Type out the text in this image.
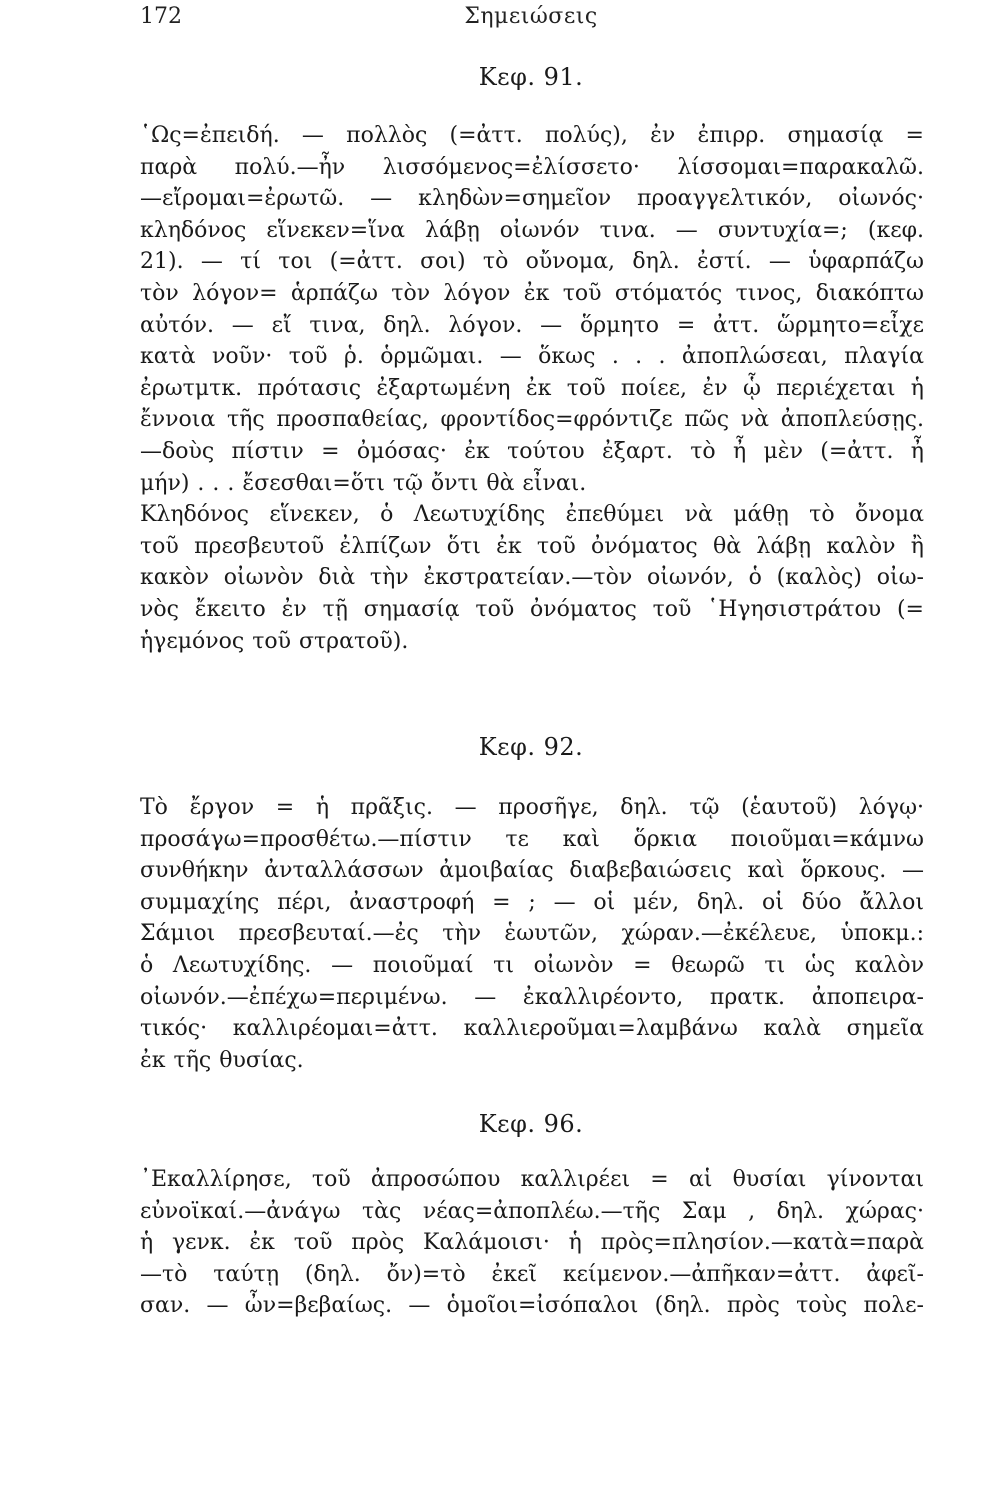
172	Σημειώσεις
Κεφ. 91.
῾Ως=ἐπειδή. — πολλὸς (=ἀττ. πολύς), ἐν ἐπιρρ. σημασίᾳ =
παρὰ πολύ.—ἦν λισσόμενος=ἐλίσσετο· λίσσομαι=παρακαλῶ.
—εἴρομαι=ἐρωτῶ. — κληδὼν=σημεῖον προαγγελτικόν, οἰωνός·
κληδόνος εἵνεκεν=ἵνα λάβῃ οἰωνόν τινα. — συντυχία=; (κεφ.
21). — τί τοι (=ἀττ. σοι) τὸ οὔνομα, δηλ. ἐστί. — ὑφαρπάζω
τὸν λόγον= ἁρπάζω τὸν λόγον ἐκ τοῦ στόματός τινος, διακόπτω
αὐτόν. — εἴ τινα, δηλ. λόγον. — ὅρμητο = ἀττ. ὥρμητο=εἶχε
κατὰ νοῦν· τοῦ ῥ. ὁρμῶμαι. — ὅκως . . . ἀποπλώσεαι, πλαγία
ἐρωτμτκ. πρότασις ἐξαρτωμένη ἐκ τοῦ ποίεε, ἐν ᾧ περιέχεται ἡ
ἔννοια τῆς προσπαθείας, φροντίδος=φρόντιζε πῶς νὰ ἀποπλεύσῃς.
—δοὺς πίστιν = ὀμόσας· ἐκ τούτου ἐξαρτ. τὸ ἦ μὲν (=ἀττ. ἦ
μήν) . . . ἔσεσθαι=ὅτι τῷ ὄντι θὰ εἶναι.
Κληδόνος εἵνεκεν, ὁ Λεωτυχίδης ἐπεθύμει νὰ μάθῃ τὸ ὄνομα
τοῦ πρεσβευτοῦ ἐλπίζων ὅτι ἐκ τοῦ ὀνόματος θὰ λάβῃ καλὸν ἢ
κακὸν οἰωνὸν διὰ τὴν ἐκστρατείαν.—τὸν οἰωνόν, ὁ (καλὸς) οἰω-
νὸς ἔκειτο ἐν τῇ σημασίᾳ τοῦ ὀνόματος τοῦ ῾Ηγησιστράτου (=
ἡγεμόνος τοῦ στρατοῦ).
Κεφ. 92.
Τὸ ἔργον = ἡ πρᾶξις. — προσῆγε, δηλ. τῷ (ἑαυτοῦ) λόγῳ·
προσάγω=προσθέτω.—πίστιν τε καὶ ὅρκια ποιοῦμαι=κάμνω
συνθήκην ἀνταλλάσσων ἀμοιβαίας διαβεβαιώσεις καὶ ὅρκους. —
συμμαχίης πέρι, ἀναστροφή = ; — οἱ μέν, δηλ. οἱ δύο ἄλλοι
Σάμιοι πρεσβευταί.—ἐς τὴν ἑωυτῶν, χώραν.—ἐκέλευε, ὑποκμ.:
ὁ Λεωτυχίδης. — ποιοῦμαί τι οἰωνὸν = θεωρῶ τι ὡς καλὸν
οἰωνόν.—ἐπέχω=περιμένω. — ἐκαλλιρέοντο, πρατκ. ἀποπειρα-
τικός· καλλιρέομαι=ἀττ. καλλιεροῦμαι=λαμβάνω καλὰ σημεῖα
ἐκ τῆς θυσίας.
Κεφ. 96.
᾿Εκαλλίρησε, τοῦ ἀπροσώπου καλλιρέει = αἱ θυσίαι γίνονται
εὐνοϊκαί.—ἀνάγω τὰς νέας=ἀποπλέω.—τῆς Σαμ , δηλ. χώρας·
ἡ γενκ. ἐκ τοῦ πρὸς Καλάμοισι· ἡ πρὸς=πλησίον.—κατὰ=παρὰ
—τὸ ταύτῃ (δηλ. ὄν)=τὸ ἐκεῖ κείμενον.—ἀπῆκαν=ἀττ. ἀφεῖ-
σαν. — ὦν=βεβαίως. — ὁμοῖοι=ἰσόπαλοι (δηλ. πρὸς τοὺς πολε-
